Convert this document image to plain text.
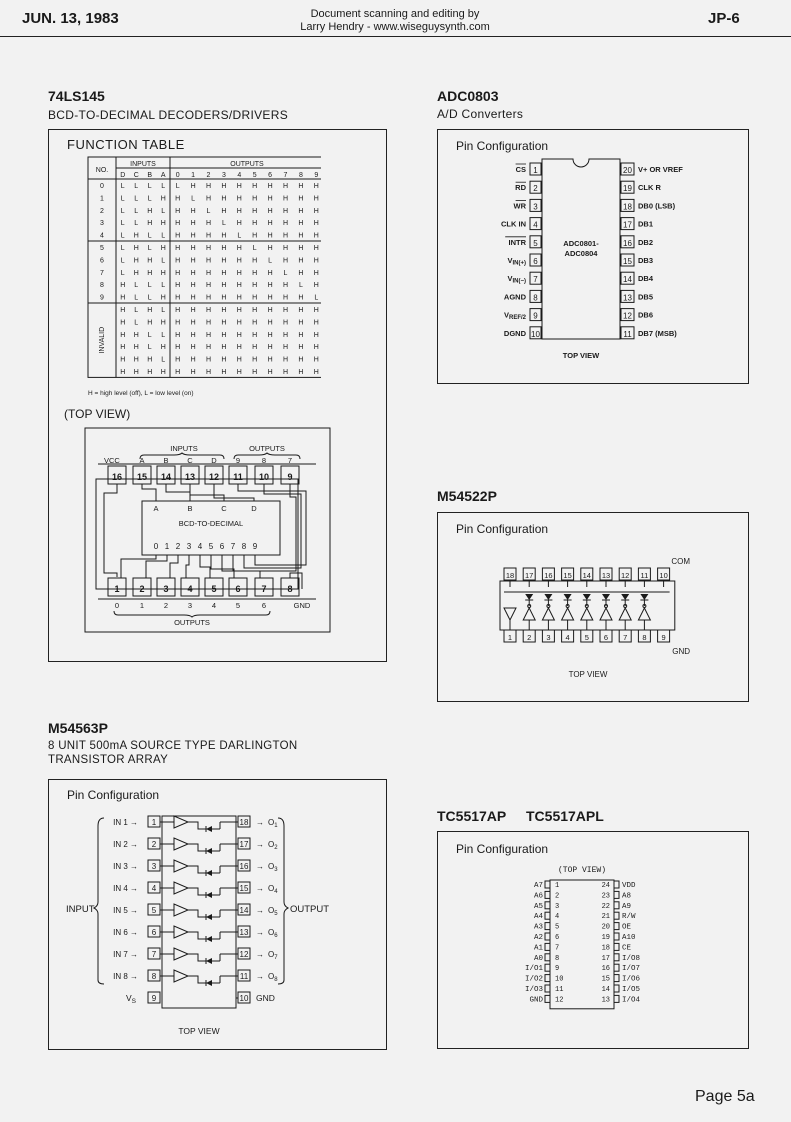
JUN. 13, 1983	Document scanning and editing by
Larry Hendry - www.wiseguysynth.com	JP-6
74LS145
BCD-TO-DECIMAL DECODERS/DRIVERS
FUNCTION TABLE
NO.
INPUTS	OUTPUTS
D C B A 0 1 2 3 4 5 6 7 8 9
0 L L L L L H H H H H H H H H
1 L L L H H L H H H H H H H H
2 L L H L H H L H H H H H H H
3 L L H H H H H L H H H H H H
4 L H L L H H H H L H H H H H
5 L H L H H H H H H L H H H H
6 L H H L H H H H H H L H H H
7 L H H H H H H H H H H L H H
8 H L L L H H H H H H H H L H
9 H L L H H H H H H H H H H L
H L H L H H H H H H H H H H
H L H H H H H H H H H H H H
H H L L H H H H H H H H H H
H H L H H H H H H H H H H H
H H H L H H H H H H H H H H
H H H H H H H H H H H H H H
INVALID
H = high level (off), L = low level (on)
(TOP VIEW)
INPUTS	OUTPUTS
VCC	A	B	C D	9	8	7
16 15 14 13 12 11 10 9
A	B	C	D
BCD-TO-DECIMAL
0 1 2 3 4 5 6 7 8 9
1 2 3 4 5 6 7 8
0	1	2	3	4	5	6	GND
OUTPUTS
ADC0803
A/D Converters
Pin Configuration
ADC0801-
ADC0804
1
CS
2
RD
3
WR
4
CLK IN
5
INTR
6
$V_{IN(+)}$
7
$V_{IN(-)}$
8
AGND
9
$V_{REF/2}$
10
DGND
20 V+ OR VREF
19 CLK R
18 DB0 (LSB)
17 DB1
16 DB2
15 DB3
14 DB4
13 DB5
12 DB6
11 DB7 (MSB)
TOP VIEW
M54522P
Pin Configuration
COM
18 17 16 15 14 13 12 11 10
1 2 3 4 5 6 7 8 9
GND
TOP VIEW
M54563P
8 UNIT 500mA SOURCE TYPE DARLINGTON
TRANSISTOR ARRAY
Pin Configuration
1	18
IN 1 →	→ $O_1$
2	17
IN 2 →	→ $O_2$
3	16
IN 3 →	→ $O_3$
4	15
IN 4 →	→ $O_4$
5	14
IN 5 →	→ $O_5$
6	13
IN 6 →	→ $O_6$
7	12
IN 7 →	→ $O_7$
8	11
IN 8 →	→ $O_8$
9	10
INPUT	OUTPUT
$V_S$	GND
TOP VIEW
TC5517AP TC5517APL
Pin Configuration
(TOP VIEW)
1
A7
2
A6
3
A5
4
A4
5
A3
6
A2
7
A1
8
A0
9
I/O1
10
I/O2
11
I/O3
12
GND
24 VDD
23 A8
22 A9
21 R/W
20 OE
19 A10
18 CE
17 I/O8
16 I/O7
15 I/O6
14 I/O5
13 I/O4
Page 5a
